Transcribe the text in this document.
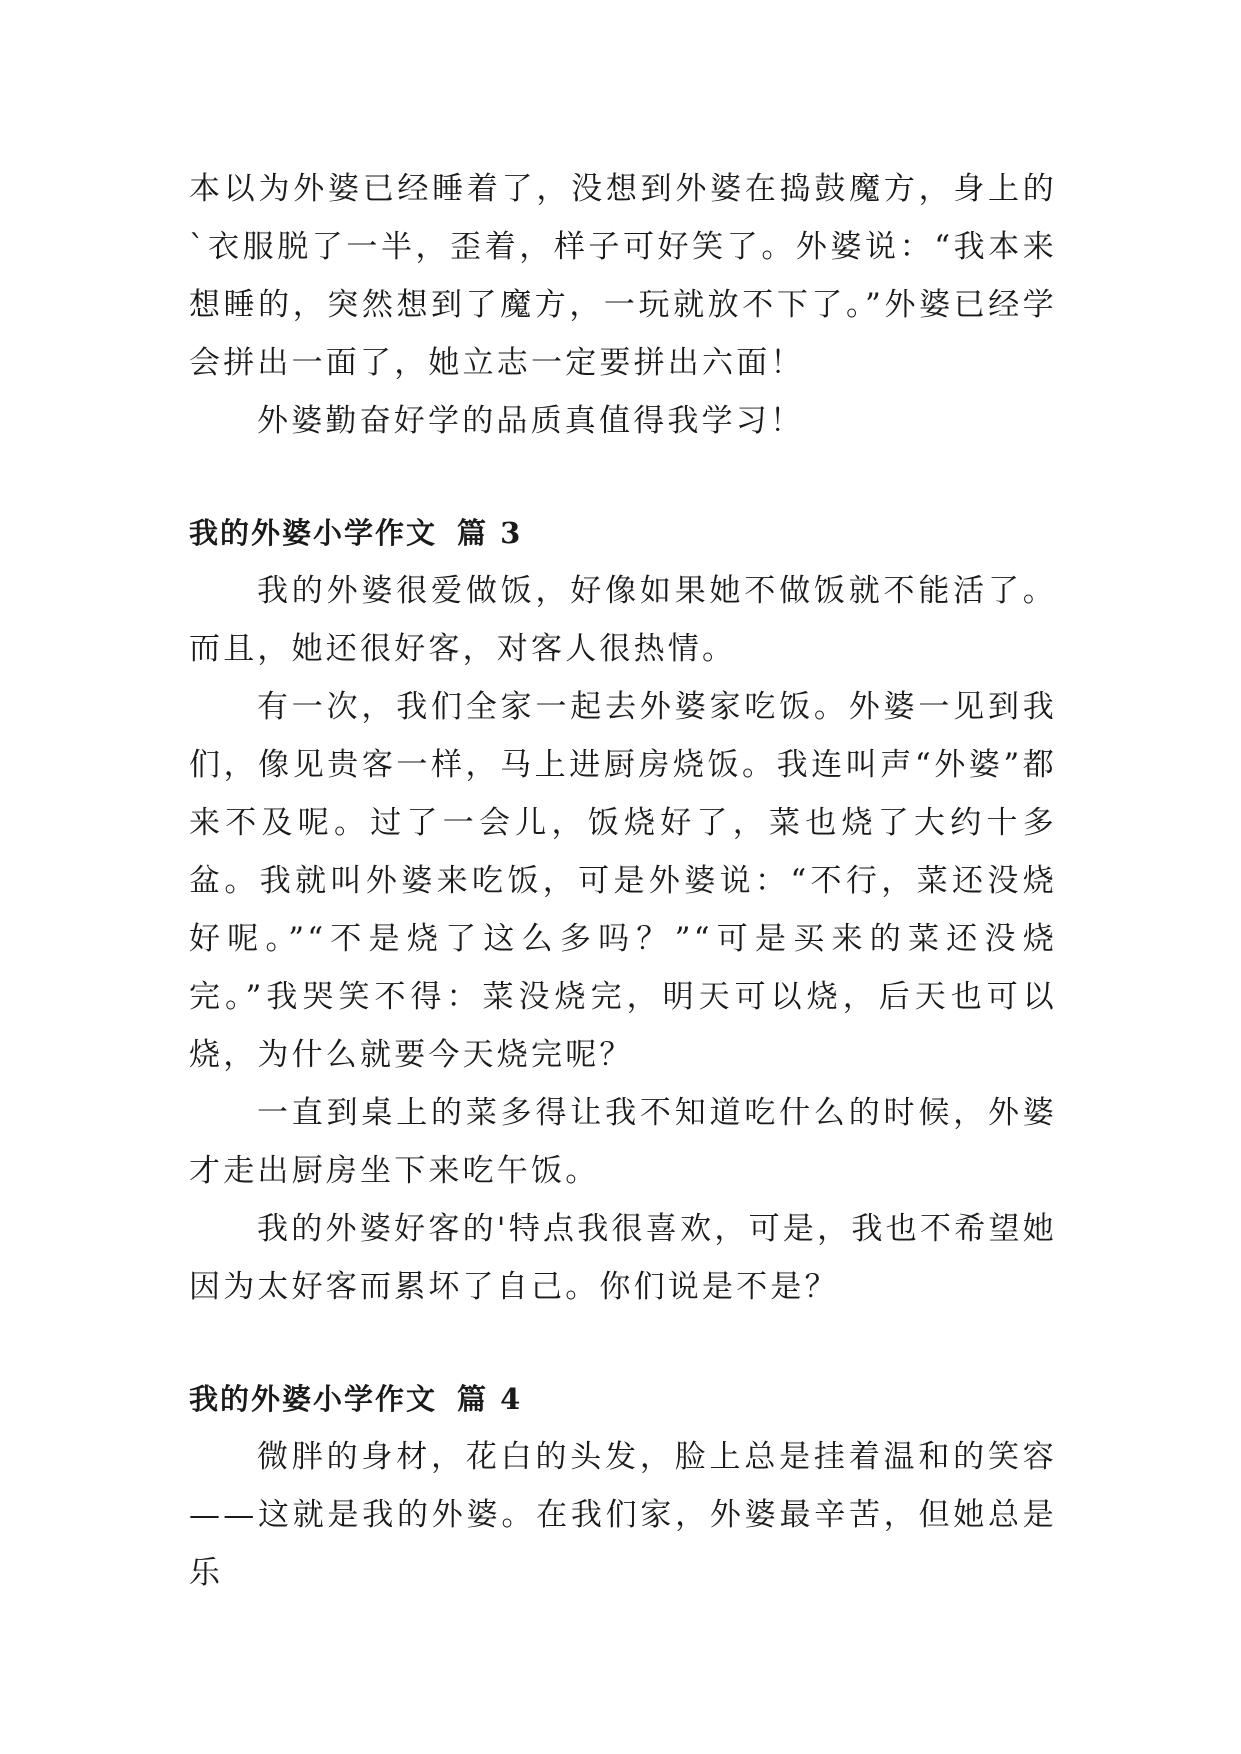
本以为外婆已经睡着了，没想到外婆在捣鼓魔方，身上的`衣服脱了一半，歪着，样子可好笑了。外婆说：“我本来想睡的，突然想到了魔方，一玩就放不下了。”外婆已经学会拼出一面了，她立志一定要拼出六面！

外婆勤奋好学的品质真值得我学习！

我的外婆小学作文 篇 3

我的外婆很爱做饭，好像如果她不做饭就不能活了。而且，她还很好客，对客人很热情。

有一次，我们全家一起去外婆家吃饭。外婆一见到我们，像见贵客一样，马上进厨房烧饭。我连叫声“外婆”都来不及呢。过了一会儿，饭烧好了，菜也烧了大约十多盆。我就叫外婆来吃饭，可是外婆说：“不行，菜还没烧好呢。”“不是烧了这么多吗？”“可是买来的菜还没烧完。”我哭笑不得：菜没烧完，明天可以烧，后天也可以烧，为什么就要今天烧完呢？

一直到桌上的菜多得让我不知道吃什么的时候，外婆才走出厨房坐下来吃午饭。

我的外婆好客的'特点我很喜欢，可是，我也不希望她因为太好客而累坏了自己。你们说是不是？

我的外婆小学作文 篇 4

微胖的身材，花白的头发，脸上总是挂着温和的笑容——这就是我的外婆。在我们家，外婆最辛苦，但她总是乐
